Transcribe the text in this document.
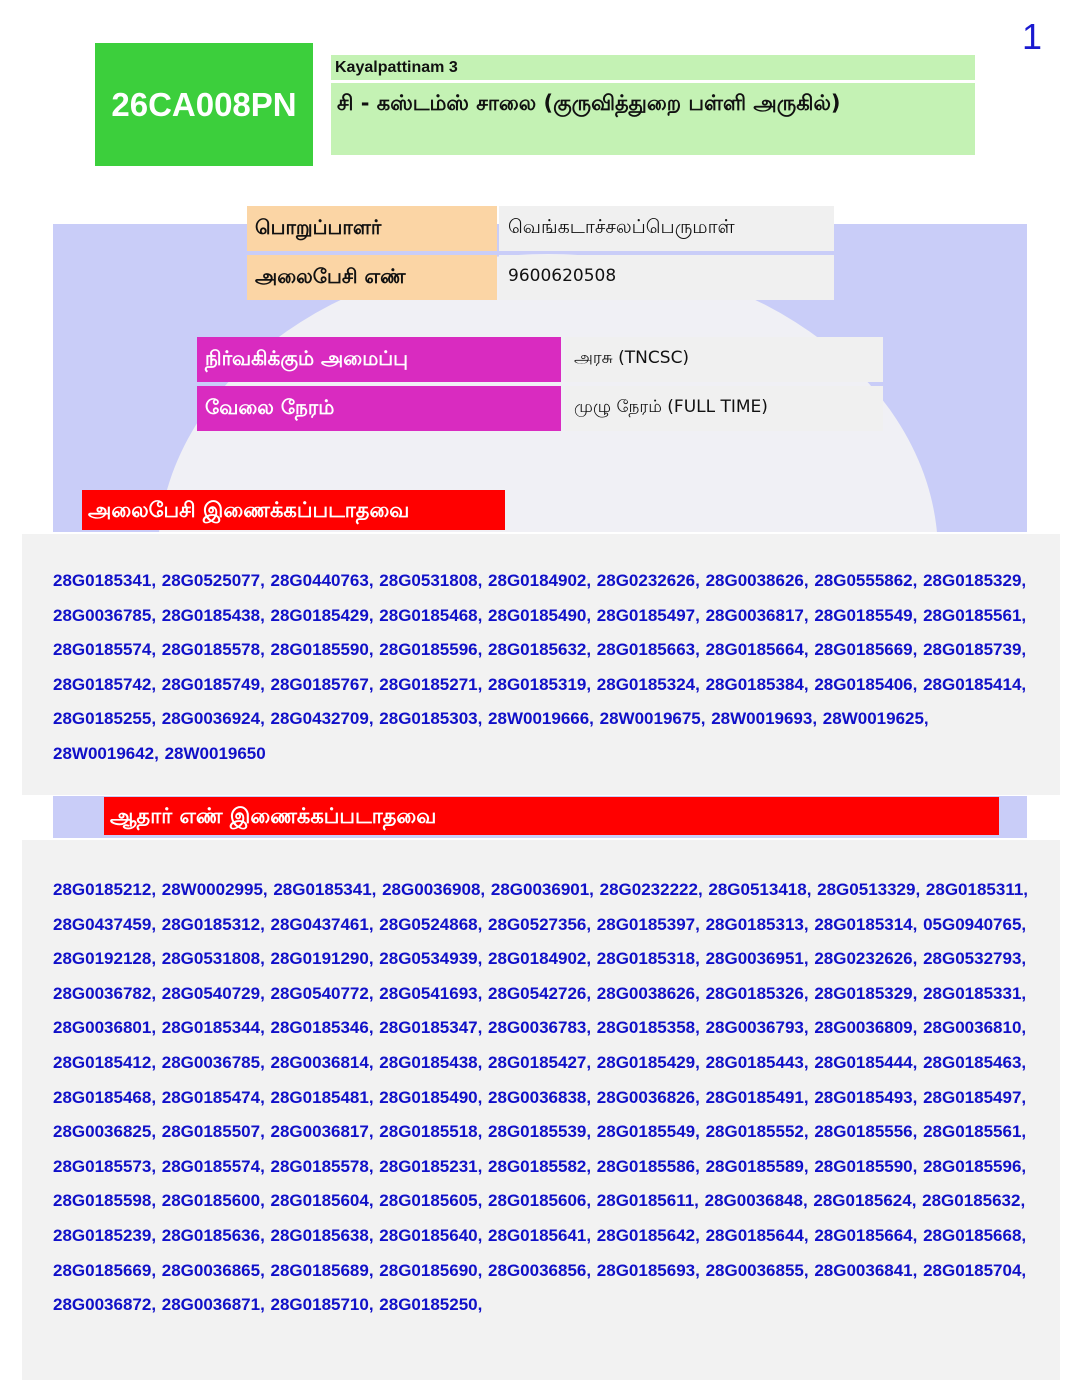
1
26CA008PN
Kayalpattinam 3
சி - கஸ்டம்ஸ் சாலை (குருவித்துறை பள்ளி அருகில்)
பொறுப்பாளர்	வெங்கடாச்சலப்பெருமாள்
அலைபேசி எண்	9600620508
நிர்வகிக்கும் அமைப்பு	அரசு (TNCSC)
வேலை நேரம்	முழு நேரம் (FULL TIME)
அலைபேசி இணைக்கப்படாதவை

28G0185341, 28G0525077, 28G0440763, 28G0531808, 28G0184902, 28G0232626, 28G0038626, 28G0555862, 28G0185329, 28G0036785, 28G0185438, 28G0185429, 28G0185468, 28G0185490, 28G0185497, 28G0036817, 28G0185549, 28G0185561, 28G0185574, 28G0185578, 28G0185590, 28G0185596, 28G0185632, 28G0185663, 28G0185664, 28G0185669, 28G0185739, 28G0185742, 28G0185749, 28G0185767, 28G0185271, 28G0185319, 28G0185324, 28G0185384, 28G0185406, 28G0185414, 28G0185255, 28G0036924, 28G0432709, 28G0185303, 28W0019666, 28W0019675, 28W0019693, 28W0019625, 28W0019642, 28W0019650

ஆதார் எண் இணைக்கப்படாதவை

28G0185212, 28W0002995, 28G0185341, 28G0036908, 28G0036901, 28G0232222, 28G0513418, 28G0513329, 28G0185311, 28G0437459, 28G0185312, 28G0437461, 28G0524868, 28G0527356, 28G0185397, 28G0185313, 28G0185314, 05G0940765, 28G0192128, 28G0531808, 28G0191290, 28G0534939, 28G0184902, 28G0185318, 28G0036951, 28G0232626, 28G0532793, 28G0036782, 28G0540729, 28G0540772, 28G0541693, 28G0542726, 28G0038626, 28G0185326, 28G0185329, 28G0185331, 28G0036801, 28G0185344, 28G0185346, 28G0185347, 28G0036783, 28G0185358, 28G0036793, 28G0036809, 28G0036810, 28G0185412, 28G0036785, 28G0036814, 28G0185438, 28G0185427, 28G0185429, 28G0185443, 28G0185444, 28G0185463, 28G0185468, 28G0185474, 28G0185481, 28G0185490, 28G0036838, 28G0036826, 28G0185491, 28G0185493, 28G0185497, 28G0036825, 28G0185507, 28G0036817, 28G0185518, 28G0185539, 28G0185549, 28G0185552, 28G0185556, 28G0185561, 28G0185573, 28G0185574, 28G0185578, 28G0185231, 28G0185582, 28G0185586, 28G0185589, 28G0185590, 28G0185596, 28G0185598, 28G0185600, 28G0185604, 28G0185605, 28G0185606, 28G0185611, 28G0036848, 28G0185624, 28G0185632, 28G0185239, 28G0185636, 28G0185638, 28G0185640, 28G0185641, 28G0185642, 28G0185644, 28G0185664, 28G0185668, 28G0185669, 28G0036865, 28G0185689, 28G0185690, 28G0036856, 28G0185693, 28G0036855, 28G0036841, 28G0185704, 28G0036872, 28G0036871, 28G0185710, 28G0185250,
